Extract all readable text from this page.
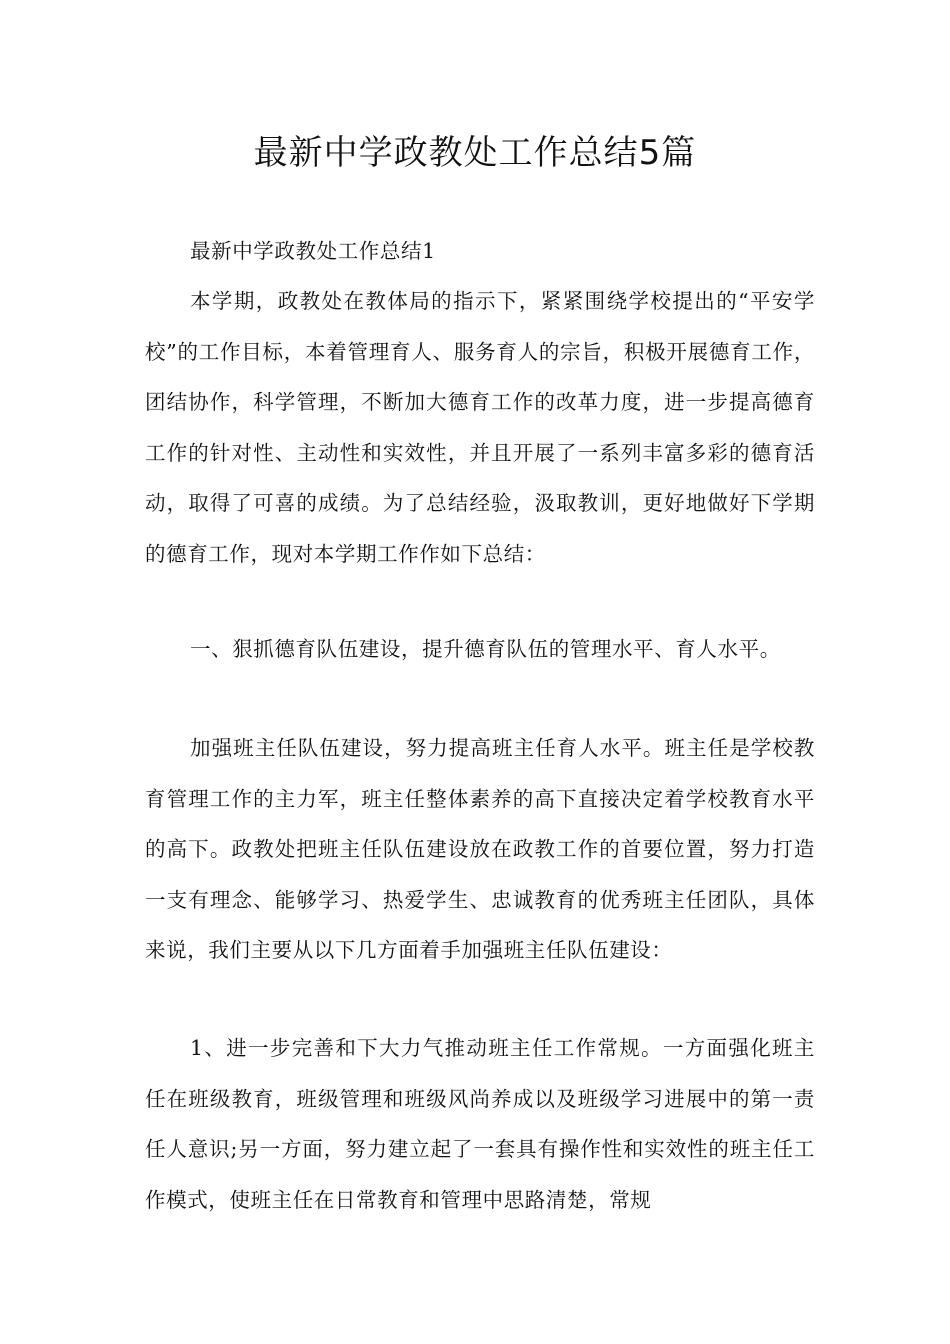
最新中学政教处工作总结5篇

最新中学政教处工作总结1

本学期，政教处在教体局的指示下，紧紧围绕学校提出的“平安学校”的工作目标，本着管理育人、服务育人的宗旨，积极开展德育工作，团结协作，科学管理，不断加大德育工作的改革力度，进一步提高德育工作的针对性、主动性和实效性，并且开展了一系列丰富多彩的德育活动，取得了可喜的成绩。为了总结经验，汲取教训，更好地做好下学期的德育工作，现对本学期工作作如下总结：

一、狠抓德育队伍建设，提升德育队伍的管理水平、育人水平。

加强班主任队伍建设，努力提高班主任育人水平。班主任是学校教育管理工作的主力军，班主任整体素养的高下直接决定着学校教育水平的高下。政教处把班主任队伍建设放在政教工作的首要位置，努力打造一支有理念、能够学习、热爱学生、忠诚教育的优秀班主任团队，具体来说，我们主要从以下几方面着手加强班主任队伍建设：

1、进一步完善和下大力气推动班主任工作常规。一方面强化班主任在班级教育，班级管理和班级风尚养成以及班级学习进展中的第一责任人意识;另一方面，努力建立起了一套具有操作性和实效性的班主任工作模式，使班主任在日常教育和管理中思路清楚，常规
